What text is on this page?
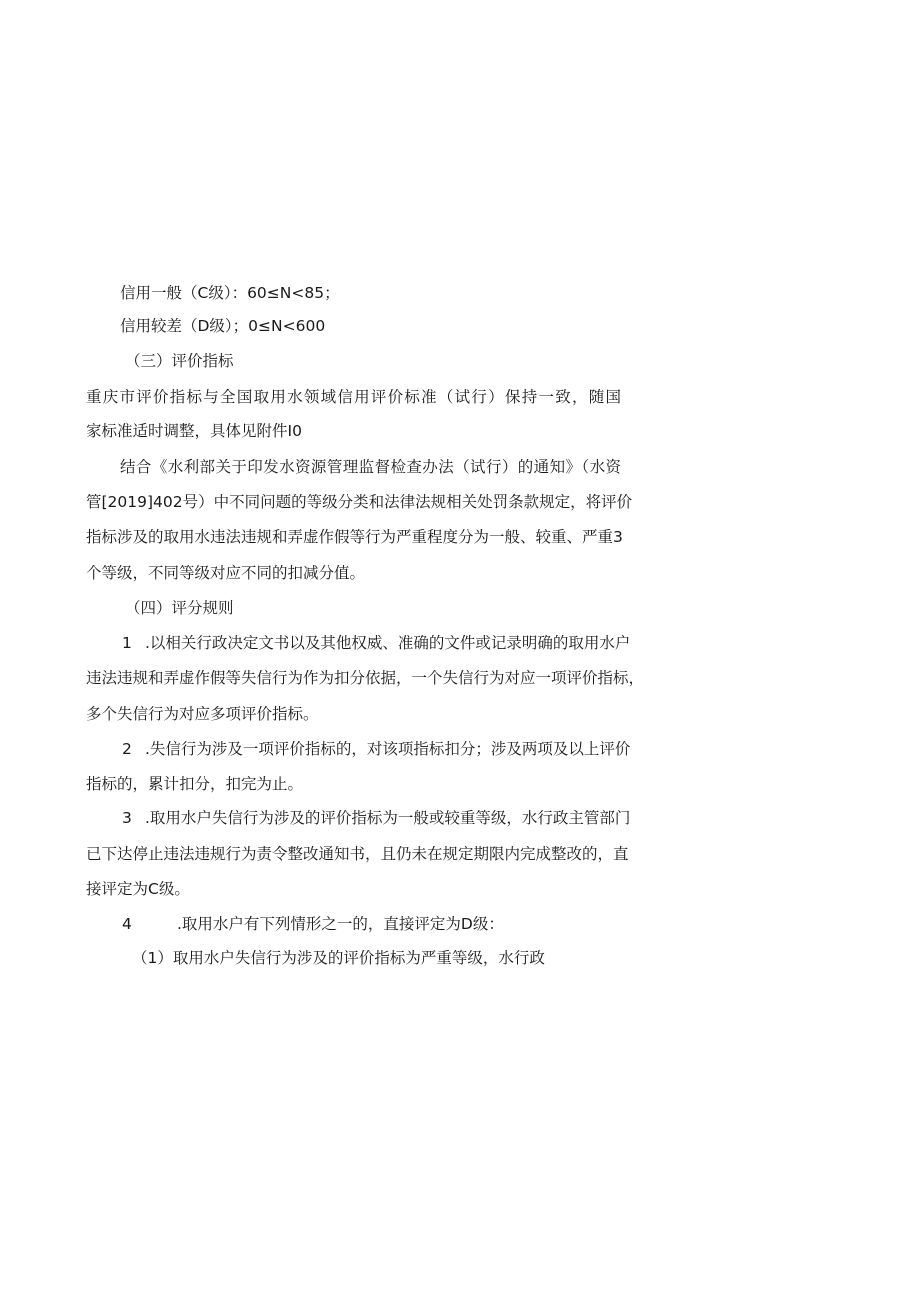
信用一般（C级）：60≤N<85；
信用较差（D级）；0≤N<600
（三）评价指标
重庆市评价指标与全国取用水领域信用评价标准（试行）保持一致，随国
家标准适时调整，具体见附件I0
结合《水利部关于印发水资源管理监督检查办法（试行）的通知》（水资
管[2019]402号）中不同问题的等级分类和法律法规相关处罚条款规定，将评价
指标涉及的取用水违法违规和弄虚作假等行为严重程度分为一般、较重、严重3
个等级，不同等级对应不同的扣减分值。
（四）评分规则
1 .以相关行政决定文书以及其他权威、准确的文件或记录明确的取用水户
违法违规和弄虚作假等失信行为作为扣分依据，一个失信行为对应一项评价指标，
多个失信行为对应多项评价指标。
2 .失信行为涉及一项评价指标的，对该项指标扣分；涉及两项及以上评价
指标的，累计扣分，扣完为止。
3 .取用水户失信行为涉及的评价指标为一般或较重等级，水行政主管部门
已下达停止违法违规行为责令整改通知书，且仍未在规定期限内完成整改的，直
接评定为C级。
4	.取用水户有下列情形之一的，直接评定为D级：
（1）取用水户失信行为涉及的评价指标为严重等级，水行政
